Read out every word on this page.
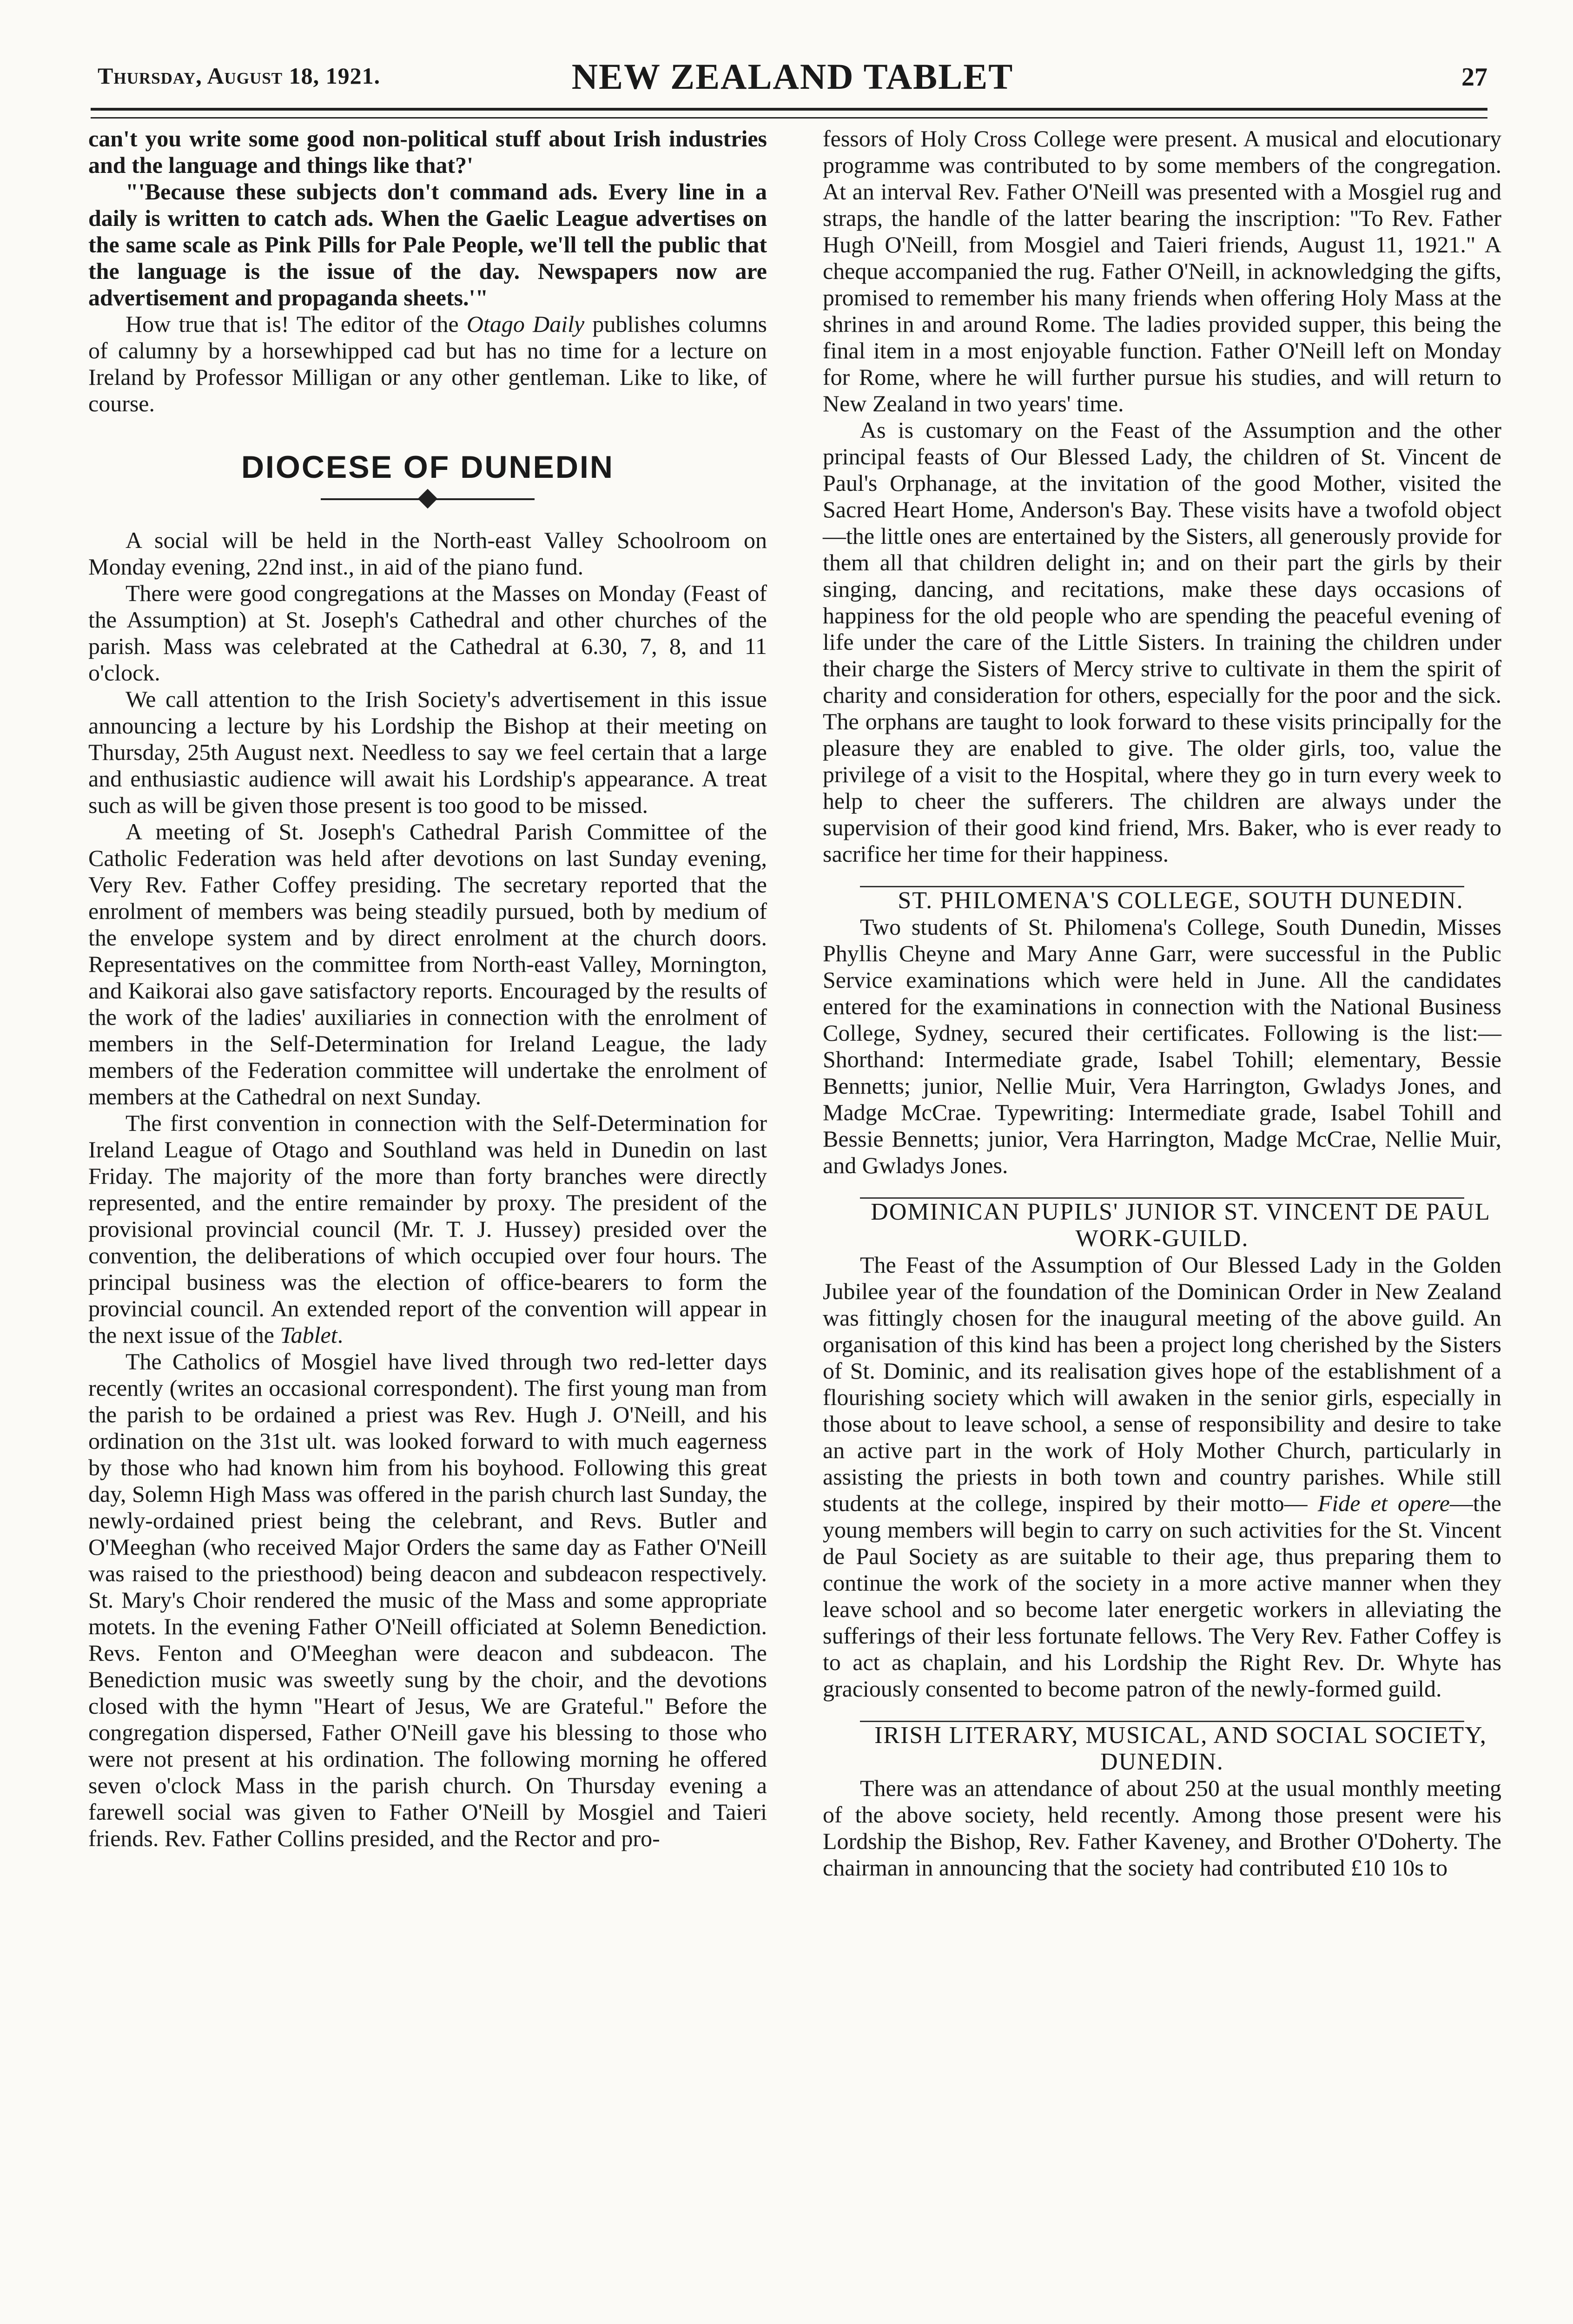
Thursday, August 18, 1921.	NEW ZEALAND TABLET	27

can't you write some good non-political stuff about Irish industries and the language and things like that?'

"'Because these subjects don't command ads. Every line in a daily is written to catch ads. When the Gaelic League advertises on the same scale as Pink Pills for Pale People, we'll tell the public that the language is the issue of the day. Newspapers now are advertisement and propaganda sheets.'"

How true that is! The editor of the Otago Daily publishes columns of calumny by a horsewhipped cad but has no time for a lecture on Ireland by Professor Milligan or any other gentleman. Like to like, of course.

DIOCESE OF DUNEDIN

A social will be held in the North-east Valley Schoolroom on Monday evening, 22nd inst., in aid of the piano fund.

There were good congregations at the Masses on Monday (Feast of the Assumption) at St. Joseph's Cathedral and other churches of the parish. Mass was celebrated at the Cathedral at 6.30, 7, 8, and 11 o'clock.

We call attention to the Irish Society's advertisement in this issue announcing a lecture by his Lordship the Bishop at their meeting on Thursday, 25th August next. Needless to say we feel certain that a large and enthusiastic audience will await his Lordship's appearance. A treat such as will be given those present is too good to be missed.

A meeting of St. Joseph's Cathedral Parish Committee of the Catholic Federation was held after devotions on last Sunday evening, Very Rev. Father Coffey presiding. The secretary reported that the enrolment of members was being steadily pursued, both by medium of the envelope system and by direct enrolment at the church doors. Representatives on the committee from North-east Valley, Mornington, and Kaikorai also gave satisfactory reports. Encouraged by the results of the work of the ladies' auxiliaries in connection with the enrolment of members in the Self-Determination for Ireland League, the lady members of the Federation committee will undertake the enrolment of members at the Cathedral on next Sunday.

The first convention in connection with the Self-Determination for Ireland League of Otago and Southland was held in Dunedin on last Friday. The majority of the more than forty branches were directly represented, and the entire remainder by proxy. The president of the provisional provincial council (Mr. T. J. Hussey) presided over the convention, the deliberations of which occupied over four hours. The principal business was the election of office-bearers to form the provincial council. An extended report of the convention will appear in the next issue of the Tablet.

The Catholics of Mosgiel have lived through two red-letter days recently (writes an occasional correspondent). The first young man from the parish to be ordained a priest was Rev. Hugh J. O'Neill, and his ordination on the 31st ult. was looked forward to with much eagerness by those who had known him from his boyhood. Following this great day, Solemn High Mass was offered in the parish church last Sunday, the newly-ordained priest being the celebrant, and Revs. Butler and O'Meeghan (who received Major Orders the same day as Father O'Neill was raised to the priesthood) being deacon and subdeacon respectively. St. Mary's Choir rendered the music of the Mass and some appropriate motets. In the evening Father O'Neill officiated at Solemn Benediction. Revs. Fenton and O'Meeghan were deacon and subdeacon. The Benediction music was sweetly sung by the choir, and the devotions closed with the hymn "Heart of Jesus, We are Grateful." Before the congregation dispersed, Father O'Neill gave his blessing to those who were not present at his ordination. The following morning he offered seven o'clock Mass in the parish church. On Thursday evening a farewell social was given to Father O'Neill by Mosgiel and Taieri friends. Rev. Father Collins presided, and the Rector and pro-

fessors of Holy Cross College were present. A musical and elocutionary programme was contributed to by some members of the congregation. At an interval Rev. Father O'Neill was presented with a Mosgiel rug and straps, the handle of the latter bearing the inscription: "To Rev. Father Hugh O'Neill, from Mosgiel and Taieri friends, August 11, 1921." A cheque accompanied the rug. Father O'Neill, in acknowledging the gifts, promised to remember his many friends when offering Holy Mass at the shrines in and around Rome. The ladies provided supper, this being the final item in a most enjoyable function. Father O'Neill left on Monday for Rome, where he will further pursue his studies, and will return to New Zealand in two years' time.

As is customary on the Feast of the Assumption and the other principal feasts of Our Blessed Lady, the children of St. Vincent de Paul's Orphanage, at the invitation of the good Mother, visited the Sacred Heart Home, Anderson's Bay. These visits have a twofold object—the little ones are entertained by the Sisters, all generously provide for them all that children delight in; and on their part the girls by their singing, dancing, and recitations, make these days occasions of happiness for the old people who are spending the peaceful evening of life under the care of the Little Sisters. In training the children under their charge the Sisters of Mercy strive to cultivate in them the spirit of charity and consideration for others, especially for the poor and the sick. The orphans are taught to look forward to these visits principally for the pleasure they are enabled to give. The older girls, too, value the privilege of a visit to the Hospital, where they go in turn every week to help to cheer the sufferers. The children are always under the supervision of their good kind friend, Mrs. Baker, who is ever ready to sacrifice her time for their happiness.

ST. PHILOMENA'S COLLEGE, SOUTH DUNEDIN.

Two students of St. Philomena's College, South Dunedin, Misses Phyllis Cheyne and Mary Anne Garr, were successful in the Public Service examinations which were held in June. All the candidates entered for the examinations in connection with the National Business College, Sydney, secured their certificates. Following is the list:— Shorthand: Intermediate grade, Isabel Tohill; elementary, Bessie Bennetts; junior, Nellie Muir, Vera Harrington, Gwladys Jones, and Madge McCrae. Typewriting: Intermediate grade, Isabel Tohill and Bessie Bennetts; junior, Vera Harrington, Madge McCrae, Nellie Muir, and Gwladys Jones.

DOMINICAN PUPILS' JUNIOR ST. VINCENT DE PAUL WORK-GUILD.

The Feast of the Assumption of Our Blessed Lady in the Golden Jubilee year of the foundation of the Dominican Order in New Zealand was fittingly chosen for the inaugural meeting of the above guild. An organisation of this kind has been a project long cherished by the Sisters of St. Dominic, and its realisation gives hope of the establishment of a flourishing society which will awaken in the senior girls, especially in those about to leave school, a sense of responsibility and desire to take an active part in the work of Holy Mother Church, particularly in assisting the priests in both town and country parishes. While still students at the college, inspired by their motto— Fide et opere—the young members will begin to carry on such activities for the St. Vincent de Paul Society as are suitable to their age, thus preparing them to continue the work of the society in a more active manner when they leave school and so become later energetic workers in alleviating the sufferings of their less fortunate fellows. The Very Rev. Father Coffey is to act as chaplain, and his Lordship the Right Rev. Dr. Whyte has graciously consented to become patron of the newly-formed guild.

IRISH LITERARY, MUSICAL, AND SOCIAL SOCIETY, DUNEDIN.

There was an attendance of about 250 at the usual monthly meeting of the above society, held recently. Among those present were his Lordship the Bishop, Rev. Father Kaveney, and Brother O'Doherty. The chairman in announcing that the society had contributed £10 10s to
